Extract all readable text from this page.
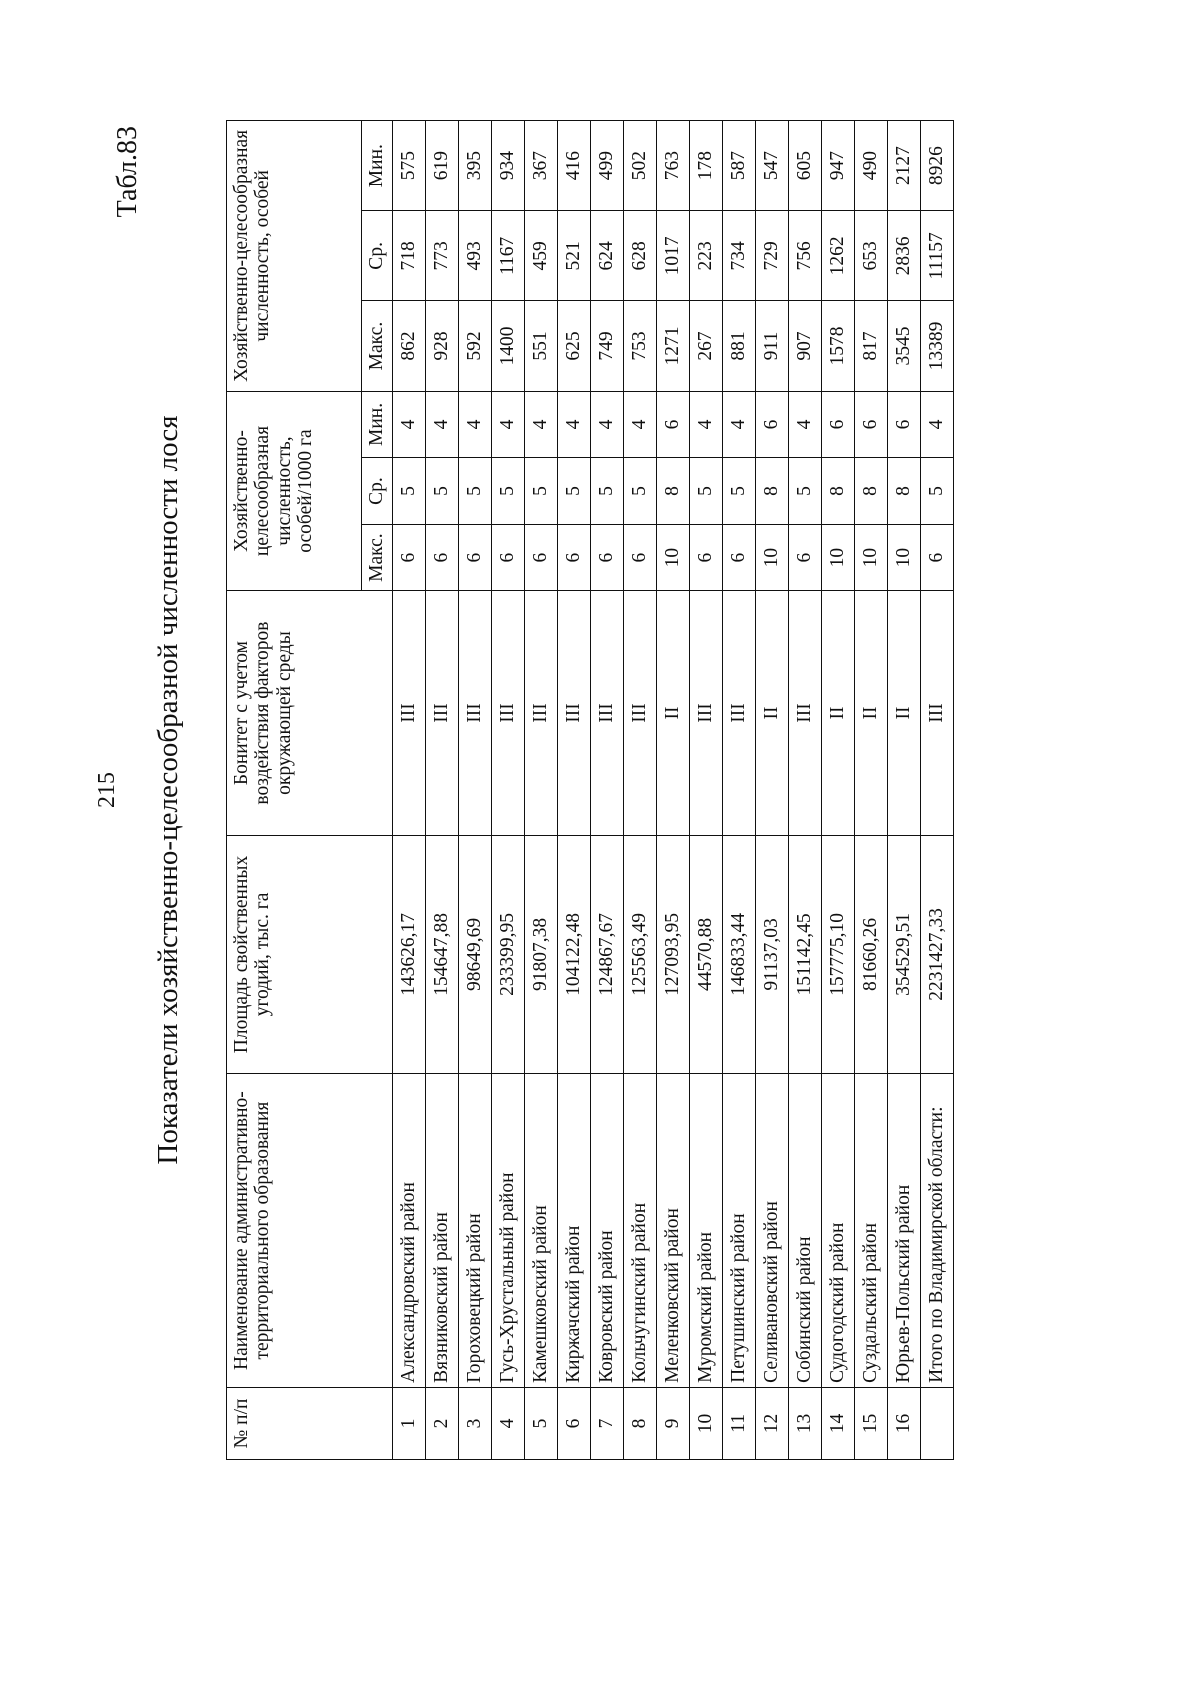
215
Табл.83
Показатели хозяйственно-целесообразной численности лося
№ п/п	Наименование административно-территориального образования	Площадь свойственных угодий, тыс. га	Бонитет с учетом воздействия факторов окружающей среды	Хозяйственно-целесообразная численность, особей/1000 га			Хозяйственно-целесообразная численность, особей		
				Макс.	Ср.	Мин.	Макс.	Ср.	Мин.
1	Александровский район	143626,17	III	6	5	4	862	718	575
2	Вязниковский район	154647,88	III	6	5	4	928	773	619
3	Гороховецкий район	98649,69	III	6	5	4	592	493	395
4	Гусь-Хрустальный район	233399,95	III	6	5	4	1400	1167	934
5	Камешковский район	91807,38	III	6	5	4	551	459	367
6	Киржачский район	104122,48	III	6	5	4	625	521	416
7	Ковровский район	124867,67	III	6	5	4	749	624	499
8	Кольчугинский район	125563,49	III	6	5	4	753	628	502
9	Меленковский район	127093,95	II	10	8	6	1271	1017	763
10	Муромский район	44570,88	III	6	5	4	267	223	178
11	Петушинский район	146833,44	III	6	5	4	881	734	587
12	Селивановский район	91137,03	II	10	8	6	911	729	547
13	Собинский район	151142,45	III	6	5	4	907	756	605
14	Судогодский район	157775,10	II	10	8	6	1578	1262	947
15	Суздальский район	81660,26	II	10	8	6	817	653	490
16	Юрьев-Польский район	354529,51	II	10	8	6	3545	2836	2127
	Итого по Владимирской области:	2231427,33	III	6	5	4	13389	11157	8926
